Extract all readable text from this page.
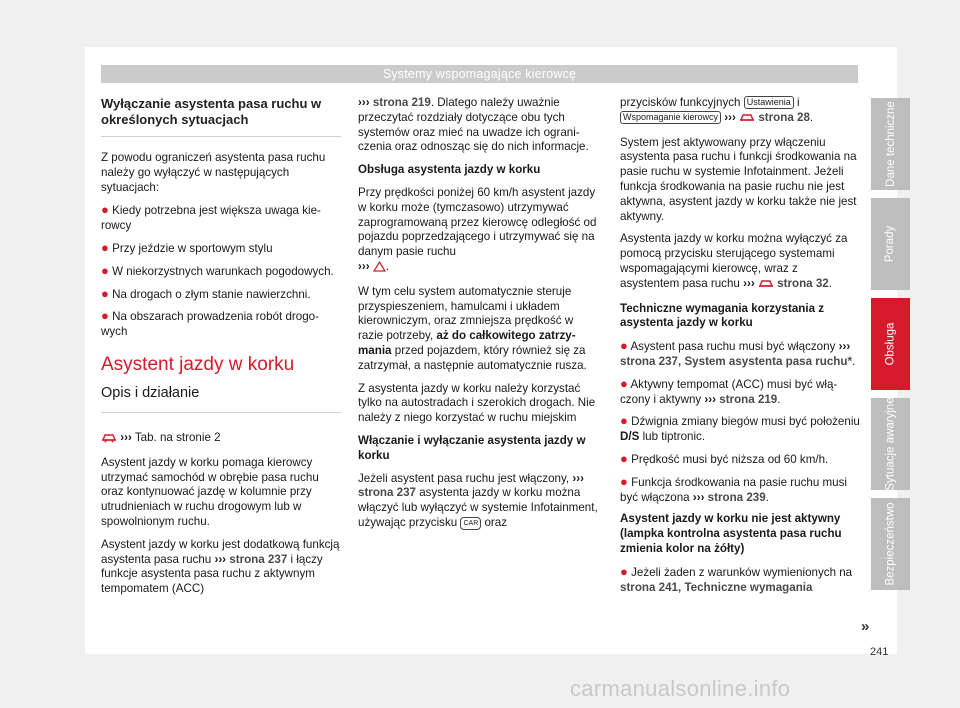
Systemy wspomagające kierowcę
Wyłączanie asystenta pasa ruchu w określonych sytuacjach

Z powodu ograniczeń asystenta pasa ruchu należy go wyłączyć w następujących sytuacjach:

● Kiedy potrzebna jest większa uwaga kierowcy
● Przy jeździe w sportowym stylu
● W niekorzystnych warunkach pogodowych.
● Na drogach o złym stanie nawierzchni.
● Na obszarach prowadzenia robót drogowych
Asystent jazdy w korku
Opis i działanie

››› Tab. na stronie 2

Asystent jazdy w korku pomaga kierowcy utrzymać samochód w obrębie pasa ruchu oraz kontynuować jazdę w kolumnie przy utrudnieniach w ruchu drogowym lub w spowolnionym ruchu.

Asystent jazdy w korku jest dodatkową funkcją asystenta pasa ruchu ››› strona 237 i łączy funkcje asystenta pasa ruchu z aktywnym tempomatem (ACC)

››› strona 219. Dlatego należy uważnie przeczytać rozdziały dotyczące obu tych systemów oraz mieć na uwadze ich ograniczenia oraz odnosząc się do nich informacje.

Obsługa asystenta jazdy w korku

Przy prędkości poniżej 60 km/h asystent jazdy w korku może (tymczasowo) utrzymywać zaprogramowaną przez kierowcę odległość od pojazdu poprzedzającego i utrzymywać się na danym pasie ruchu
››› .

W tym celu system automatycznie steruje przyspieszeniem, hamulcami i układem kierowniczym, oraz zmniejsza prędkość w razie potrzeby, aż do całkowitego zatrzymania przed pojazdem, który również się za zatrzymał, a następnie automatycznie rusza.

Z asystenta jazdy w korku należy korzystać tylko na autostradach i szerokich drogach. Nie należy z niego korzystać w ruchu miejskim

Włączanie i wyłączanie asystenta jazdy w korku

Jeżeli asystent pasa ruchu jest włączony, ››› strona 237 asystenta jazdy w korku można włączyć lub wyłączyć w systemie Infotainment, używając przycisku CAR oraz

przycisków funkcyjnych Ustawienia i Wspomaganie kierowcy ››› strona 28.

System jest aktywowany przy włączeniu asystenta pasa ruchu i funkcji środkowania na pasie ruchu w systemie Infotainment. Jeżeli funkcja środkowania na pasie ruchu nie jest aktywna, asystent jazdy w korku także nie jest aktywny.

Asystenta jazdy w korku można wyłączyć za pomocą przycisku sterującego systemami wspomagającymi kierowcę, wraz z asystentem pasa ruchu ››› strona 32.

Techniczne wymagania korzystania z asystenta jazdy w korku

● Asystent pasa ruchu musi być włączony ››› strona 237, System asystenta pasa ruchu*.
● Aktywny tempomat (ACC) musi być włączony i aktywny ››› strona 219.
● Dźwignia zmiany biegów musi być położeniu D/S lub tiptronic.
● Prędkość musi być niższa od 60 km/h.
● Funkcja środkowania na pasie ruchu musi być włączona ››› strona 239.

Asystent jazdy w korku nie jest aktywny (lampka kontrolna asystenta pasa ruchu zmienia kolor na żółty)

● Jeżeli żaden z warunków wymienionych na strona 241, Techniczne wymagania
»
Dane techniczne
Porady
Obsługa
Sytuacje awaryjne
Bezpieczeństwo
241
carmanualsonline.info
